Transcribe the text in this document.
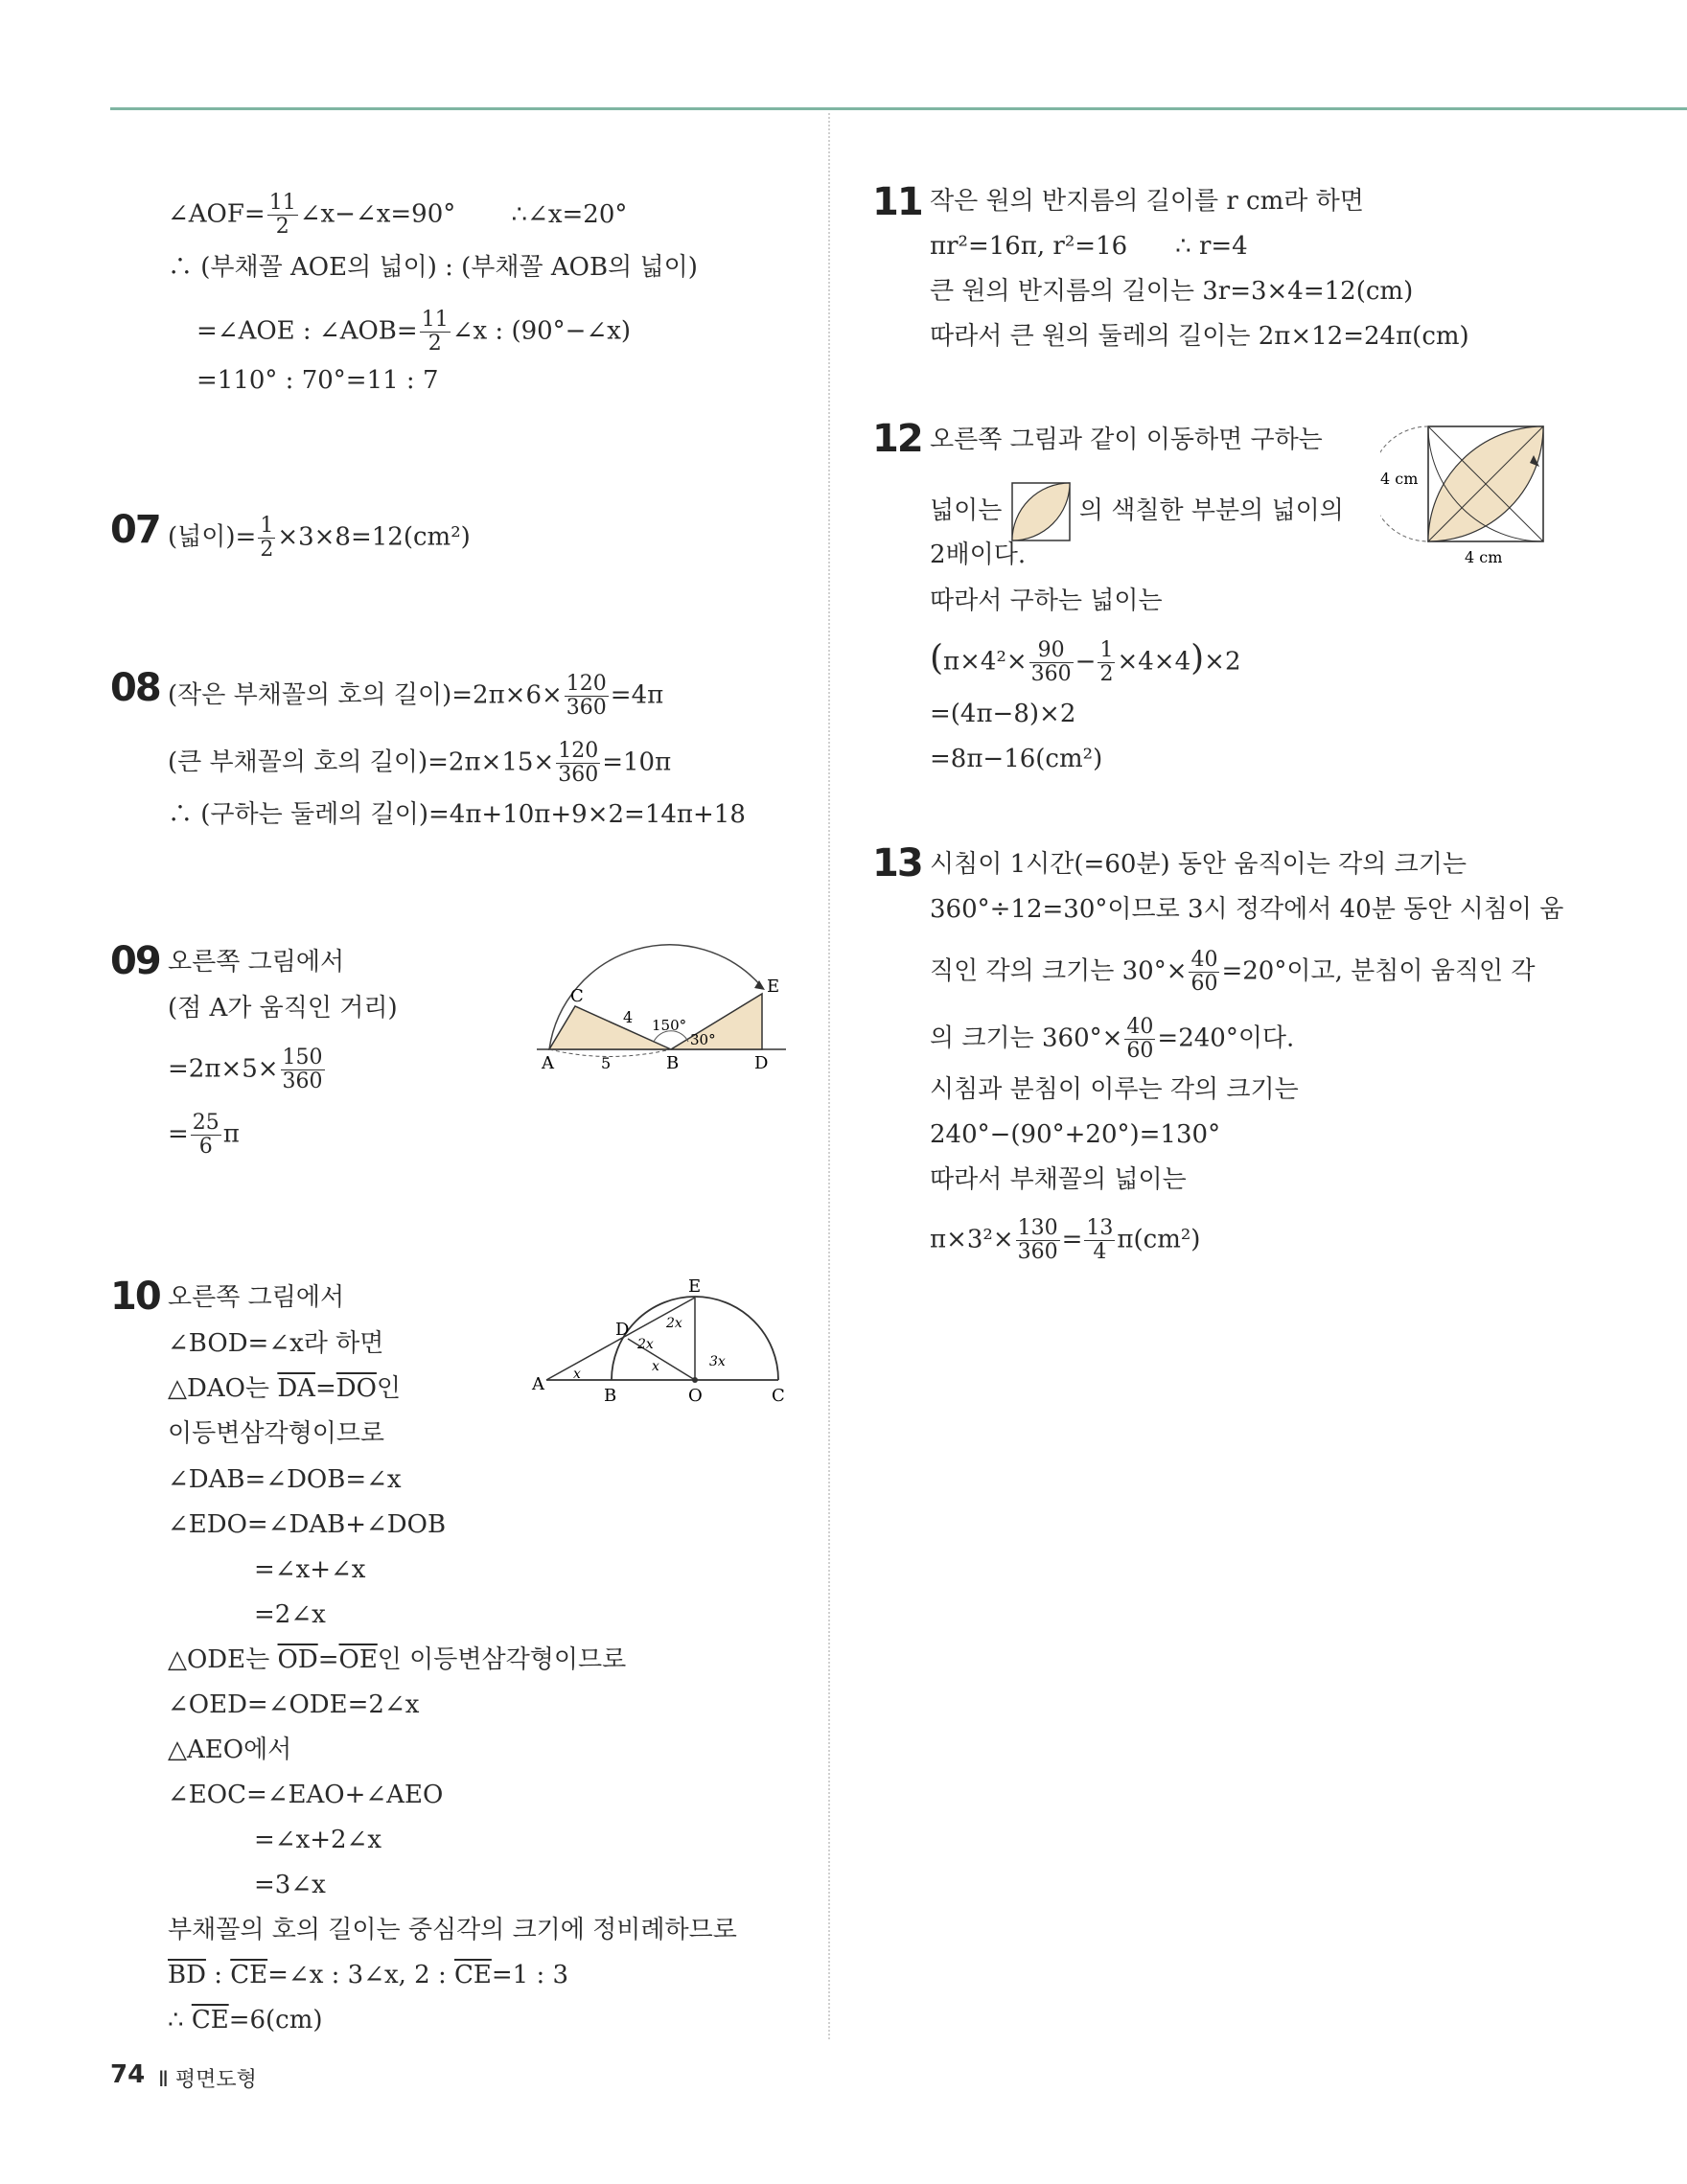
∠AOF= $\frac{11}{2}$ ∠x−∠x=90° ∴∠x=20°
∴ (부채꼴 AOE의 넓이) : (부채꼴 AOB의 넓이)
=∠AOE : ∠AOB= $\frac{11}{2}$ ∠x : (90°−∠x)
=110° : 70°=11 : 7
07 (넓이)= $\frac{1}{2} \times 3\times 8=12(cm^2)$
08 (작은 부채꼴의 호의 길이)$=2\pi\times 6\times \frac{120}{360} =4\pi$
(큰 부채꼴의 호의 길이)$=2\pi\times 15\times \frac{120}{360} =10\pi$
∴ (구하는 둘레의 길이)=4π+10π+9×2=14π+18
09 오른쪽 그림에서
(점 A가 움직인 거리)
$=2\pi\times 5\times \frac{150}{360}$
= $\frac{25}{6}$ π
C
A	B	D
E
4
5
150°
30°
10 오른쪽 그림에서
∠BOD=∠x라 하면
△DAO는 $\overline{DA}=\overline{DO}$인
이등변삼각형이므로
∠DAB=∠DOB=∠x
∠EDO=∠DAB+∠DOB
=∠x+∠x
=2∠x
△ODE는 $\overline{OD}=\overline{OE}$인 이등변삼각형이므로
∠OED=∠ODE=2∠x
△AEO에서
∠EOC=∠EAO+∠AEO
=∠x+2∠x
=3∠x
부채꼴의 호의 길이는 중심각의 크기에 정비례하므로
$\overline{BD}$ : $\overline{CE}=\angle x$ : 3∠x, 2 : $\overline{CE}=1$ : 3
∴ $\overline{CE}=6(cm)$
A
B	O	C
D
E
x	x
2x
2x
3x
11 작은 원의 반지름의 길이를 r cm라 하면
πr²=16π, r²=16 ∴ r=4
큰 원의 반지름의 길이는 3r=3×4=12(cm)
따라서 큰 원의 둘레의 길이는 2π×12=24π(cm)
12 오른쪽 그림과 같이 이동하면 구하는
넓이는	의 색칠한 부분의 넓이의
2배이다.
따라서 구하는 넓이는
$(\pi\times 4^2\times \frac{90}{360} - \frac{1}{2} \times 4\times 4)\times 2$
=(4π−8)×2
=8π−16(cm²)
4 cm
4 cm
13 시침이 1시간(=60분) 동안 움직이는 각의 크기는
360°÷12=30°이므로 3시 정각에서 40분 동안 시침이 움
직인 각의 크기는 $30^\circ\times \frac{40}{60} =20^\circ$이고, 분침이 움직인 각
의 크기는 $360^\circ\times \frac{40}{60} =240^\circ$이다.
시침과 분침이 이루는 각의 크기는
240°−(90°+20°)=130°
따라서 부채꼴의 넓이는
$\pi\times 3^2\times \frac{130}{360} = \frac{13}{4} \pi(cm^2)$
74 Ⅱ 평면도형
